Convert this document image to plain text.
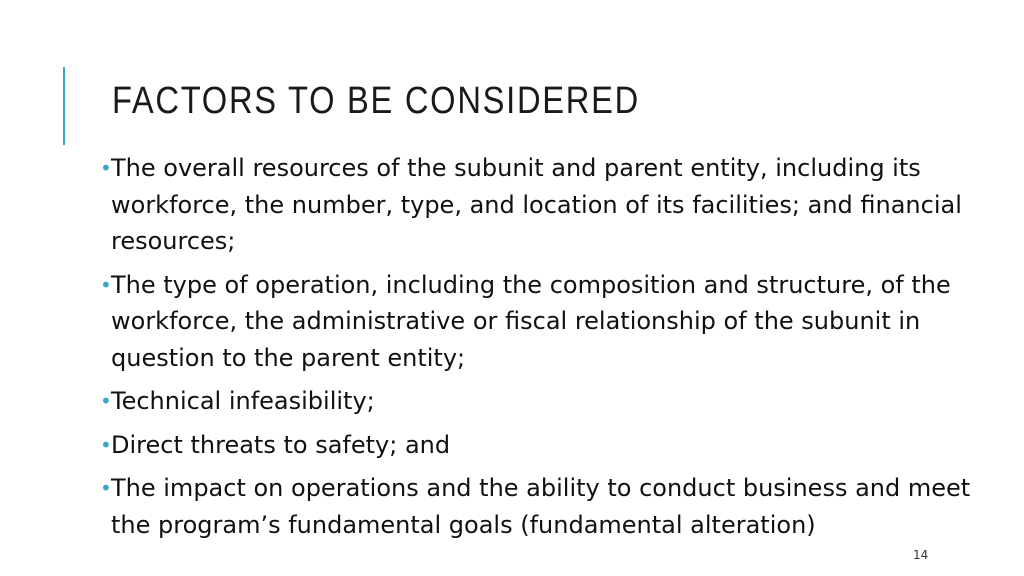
FACTORS TO BE CONSIDERED
• The overall resources of the subunit and parent entity, including its workforce, the number, type, and location of its facilities; and financial resources;
• The type of operation, including the composition and structure, of the workforce, the administrative or fiscal relationship of the subunit in question to the parent entity;
• Technical infeasibility;
• Direct threats to safety; and
• The impact on operations and the ability to conduct business and meet the program’s fundamental goals (fundamental alteration)
14
